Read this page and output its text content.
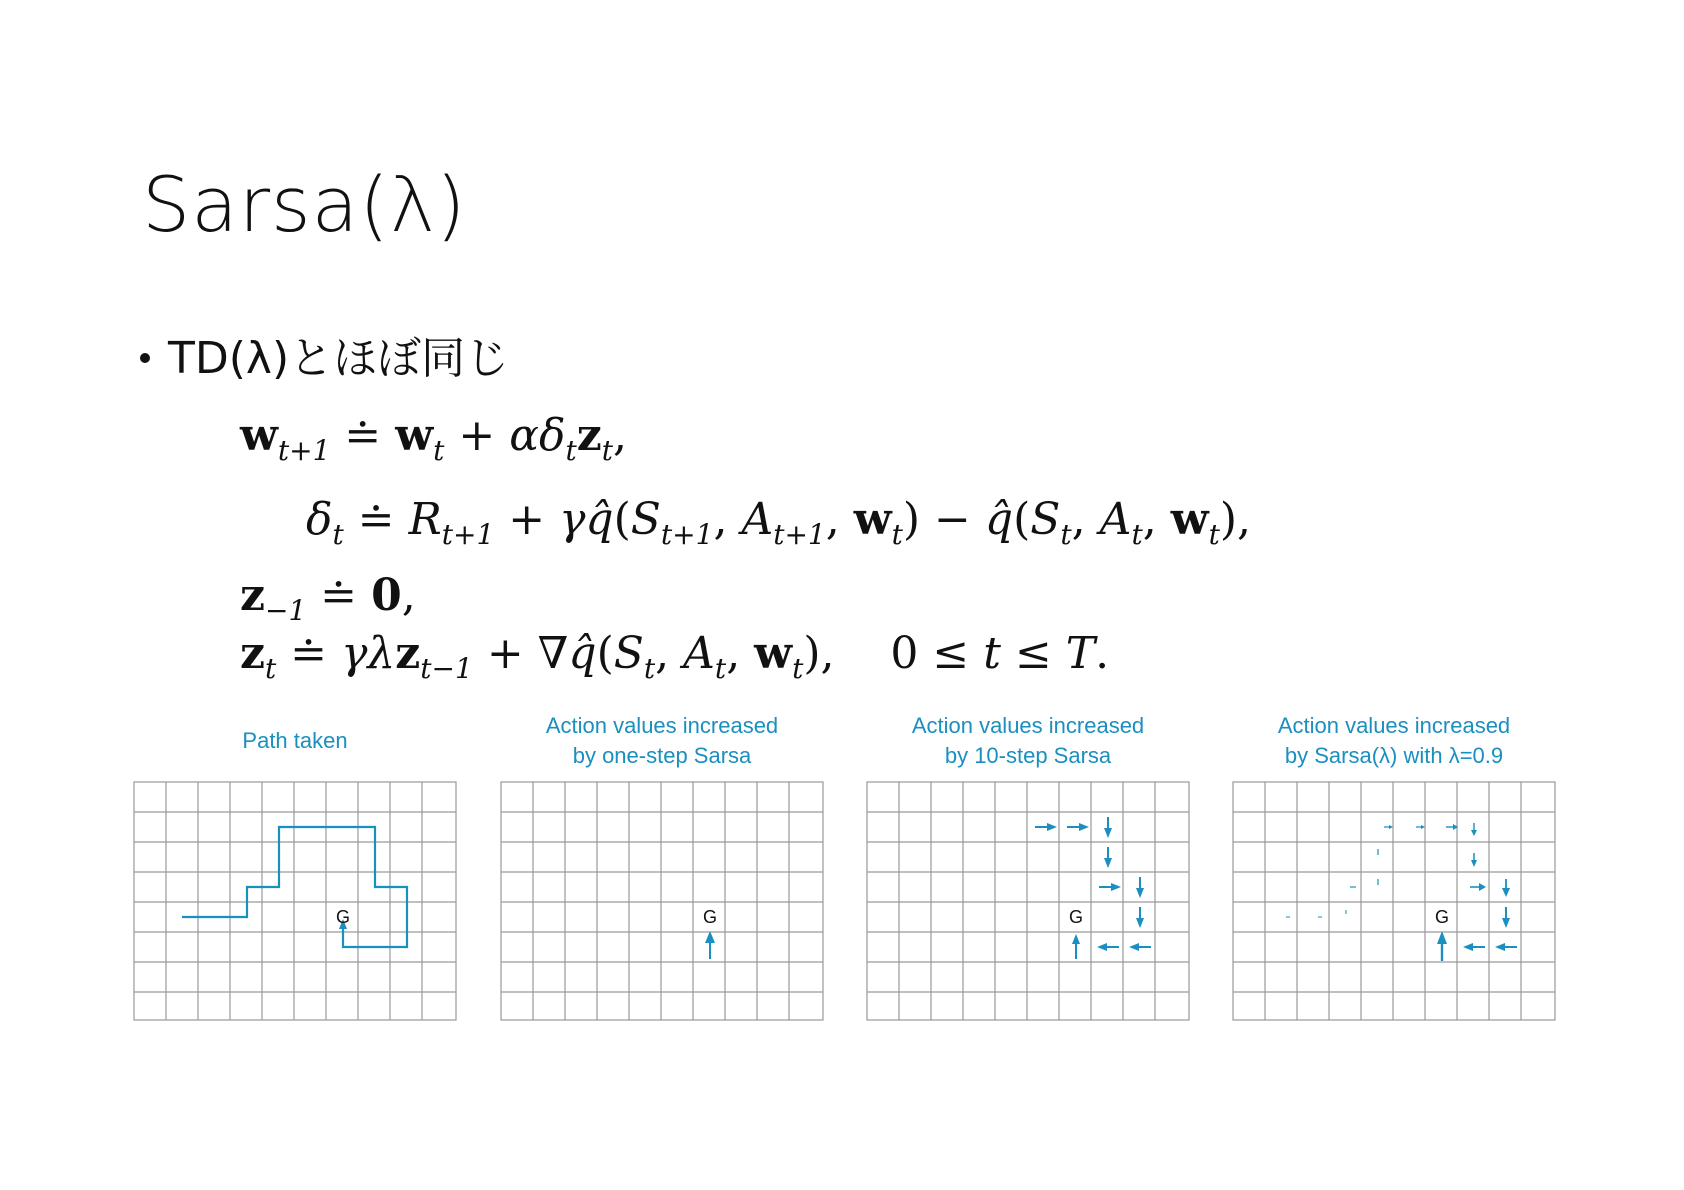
Sarsa(λ)
TD(λ)とほぼ同じ
$w_{t+1}$ ≐ $w_t + \alpha\delta_tz_t$,
$\delta_t$ ≐ $R_{t+1}$ + $\gamma q̂(S_{t+1}$, $A_{t+1}$, $w_t$) − $q̂(S_t$, $A_t$, $w_t$),
$z_{-1}$ ≐ 0,
$z_t$ ≐ $\gamma\lambda z_{t-1} + \nabla q̂(S_t$, $A_t$, $w_t$),    0 ≤ t ≤ T.
Path taken
Action values increased
by one-step Sarsa
Action values increased
by 10-step Sarsa
Action values increased
by Sarsa(λ) with λ=0.9
G	G	G	G
